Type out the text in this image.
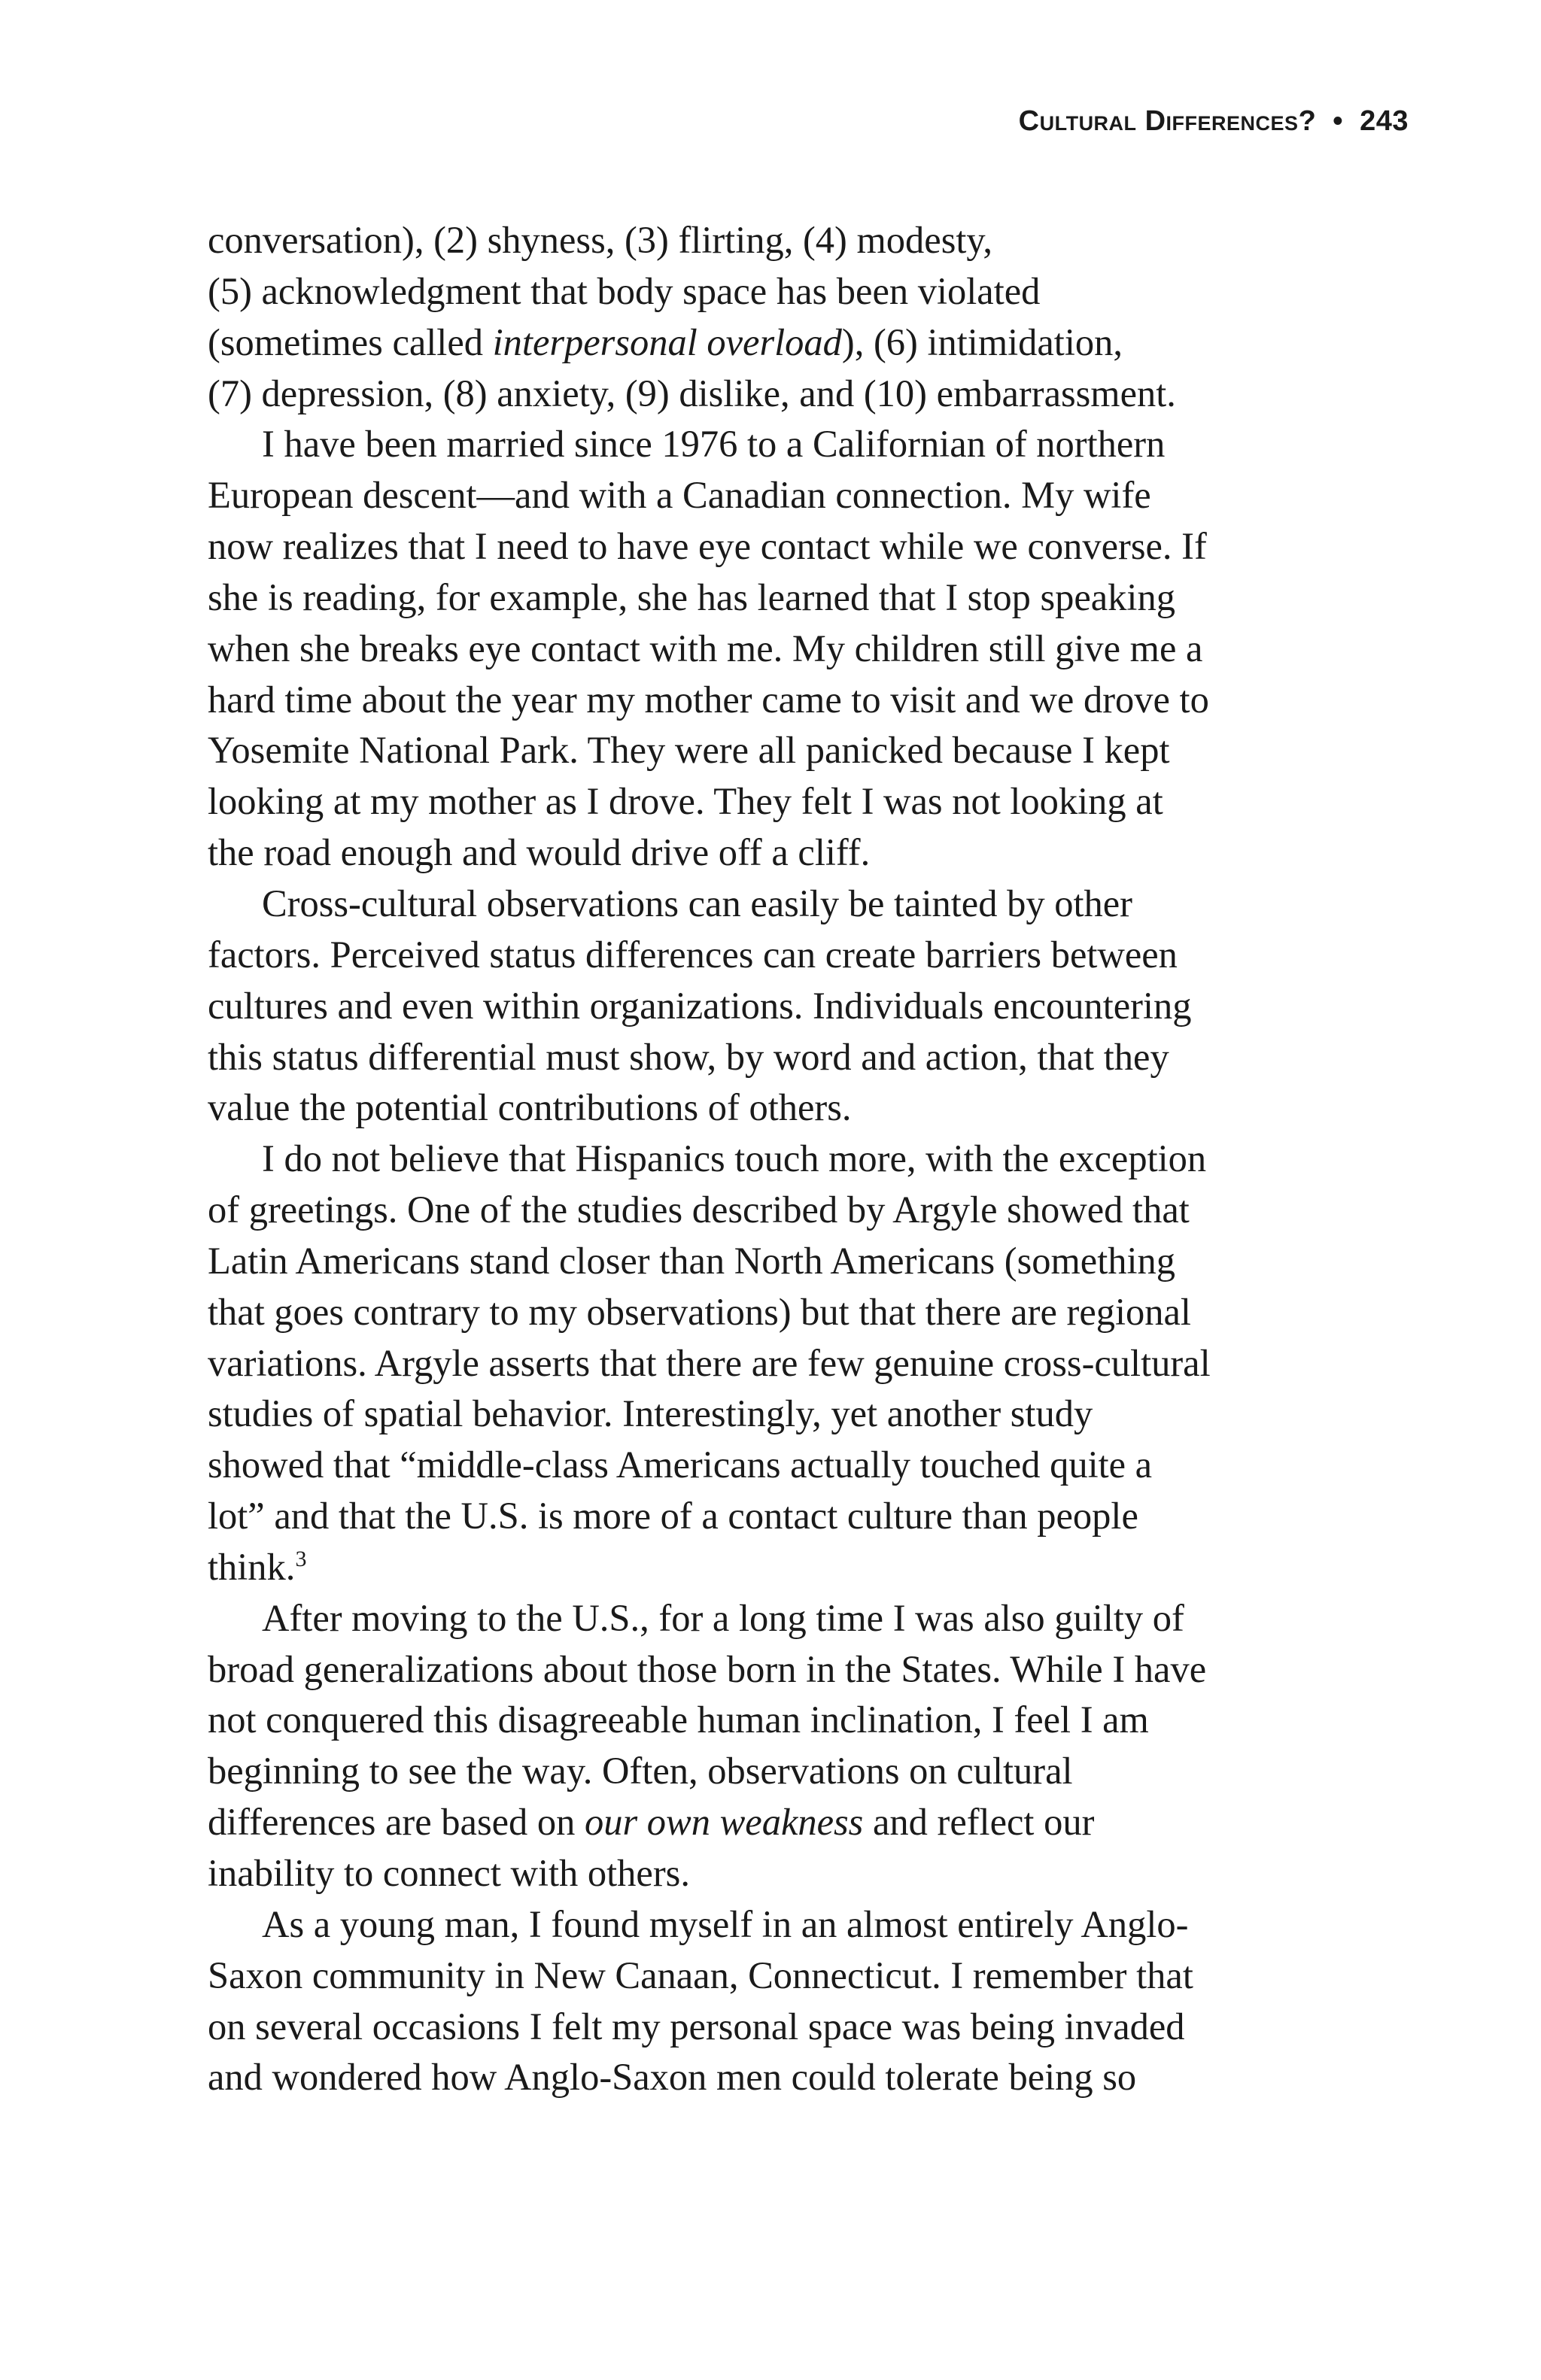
Cultural Differences? • 243
conversation), (2) shyness, (3) flirting, (4) modesty,
(5) acknowledgment that body space has been violated
(sometimes called interpersonal overload), (6) intimidation,
(7) depression, (8) anxiety, (9) dislike, and (10) embarrassment.
I have been married since 1976 to a Californian of northern
European descent—and with a Canadian connection. My wife
now realizes that I need to have eye contact while we converse. If
she is reading, for example, she has learned that I stop speaking
when she breaks eye contact with me. My children still give me a
hard time about the year my mother came to visit and we drove to
Yosemite National Park. They were all panicked because I kept
looking at my mother as I drove. They felt I was not looking at
the road enough and would drive off a cliff.
Cross-cultural observations can easily be tainted by other
factors. Perceived status differences can create barriers between
cultures and even within organizations. Individuals encountering
this status differential must show, by word and action, that they
value the potential contributions of others.
I do not believe that Hispanics touch more, with the exception
of greetings. One of the studies described by Argyle showed that
Latin Americans stand closer than North Americans (something
that goes contrary to my observations) but that there are regional
variations. Argyle asserts that there are few genuine cross-cultural
studies of spatial behavior. Interestingly, yet another study
showed that “middle-class Americans actually touched quite a
lot” and that the U.S. is more of a contact culture than people
think.$^3$
After moving to the U.S., for a long time I was also guilty of
broad generalizations about those born in the States. While I have
not conquered this disagreeable human inclination, I feel I am
beginning to see the way. Often, observations on cultural
differences are based on our own weakness and reflect our
inability to connect with others.
As a young man, I found myself in an almost entirely Anglo-
Saxon community in New Canaan, Connecticut. I remember that
on several occasions I felt my personal space was being invaded
and wondered how Anglo-Saxon men could tolerate being so
